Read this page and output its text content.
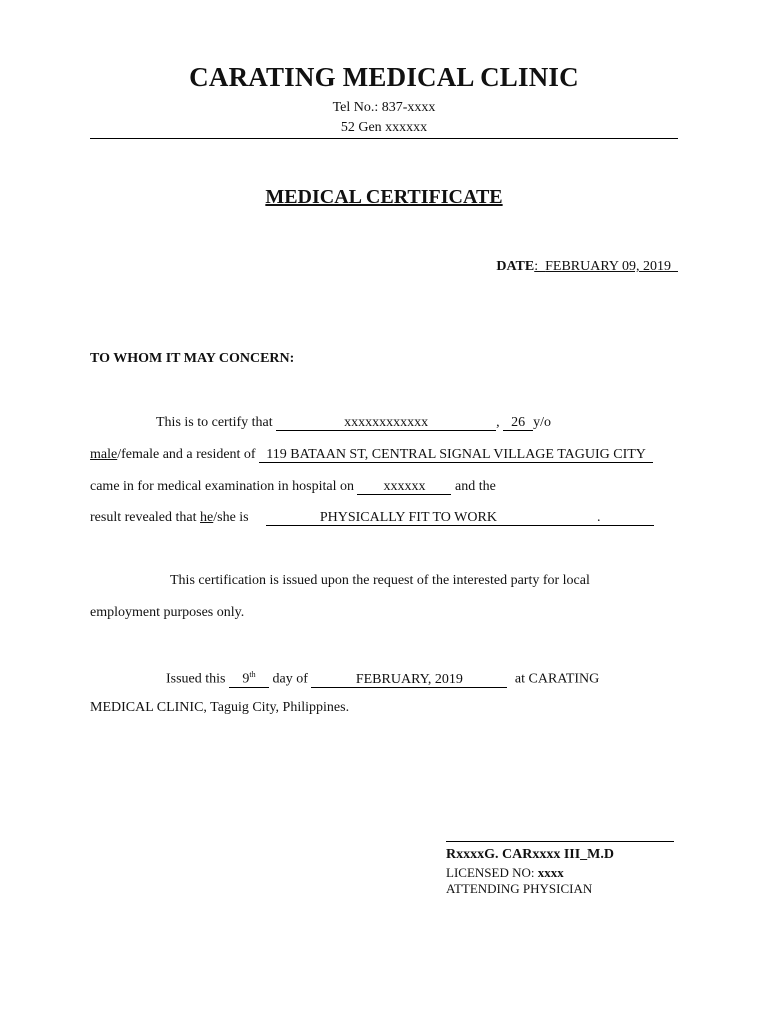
CARATING MEDICAL CLINIC
Tel No.: 837-xxxx
52 Gen xxxxxx
MEDICAL CERTIFICATE
DATE:  FEBRUARY 09, 2019
TO WHOM IT MAY CONCERN:
This is to certify that	xxxxxxxxxxxx	, 26 y/o
male/female and a resident of 119 BATAAN ST, CENTRAL SIGNAL VILLAGE TAGUIG CITY
came in for medical examination in hospital on xxxxxx and the
result revealed that he/she is	PHYSICALLY FIT TO WORK	.
This certification is issued upon the request of the interested party for local
employment purposes only.
Issued this 9th day of	FEBRUARY, 2019	at CARATING
MEDICAL CLINIC, Taguig City, Philippines.
RxxxxG. CARxxxx III_M.D
LICENSED NO: xxxx
ATTENDING PHYSICIAN
